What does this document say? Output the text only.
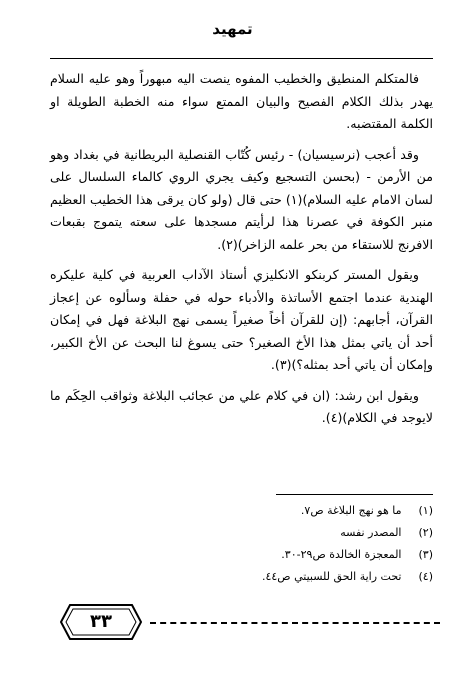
تمهيد

فالمتكلم المنطيق والخطيب المفوه ينصت اليه مبهوراً وهو عليه السلام يهدر بذلك الكلام الفصيح والبيان الممتع سواء منه الخطبة الطويلة او الكلمة المقتضبه.

وقد أعجب (نرسيسيان) - رئيس كُتّاب القنصلية البريطانية في بغداد وهو من الأرمن - (بحسن التسجيع وكيف يجري الروي كالماء السلسال على لسان الامام عليه السلام)(١) حتى قال (ولو كان يرقى هذا الخطيب العظيم منبر الكوفة في عصرنا هذا لرأيتم مسجدها على سعته يتموج بقبعات الافرنج للاستقاء من بحر علمه الزاخر)(٢).

ويقول المستر كربنكو الانكليزي أستاذ الآداب العربية في كلية عليكره الهندية عندما اجتمع الأساتذة والأدباء حوله في حفلة وسألوه عن إعجاز القرآن، أجابهم: (إن للقرآن أخاً صغيراً يسمى نهج البلاغة فهل في إمكان أحد أن ياتي بمثل هذا الأخ الصغير؟ حتى يسوغ لنا البحث عن الأخ الكبير، وإمكان أن ياتي أحد بمثله؟)(٣).

ويقول ابن رشد: (ان في كلام علي من عجائب البلاغة وثواقب الحِكَم ما لايوجد في الكلام)(٤).

(١) ما هو نهج البلاغة ص٧.
(٢) المصدر نفسه
(٣) المعجزة الخالدة ص٢٩-٣٠.
(٤) تحت راية الحق للسبيتي ص٤٤.
٣٣
